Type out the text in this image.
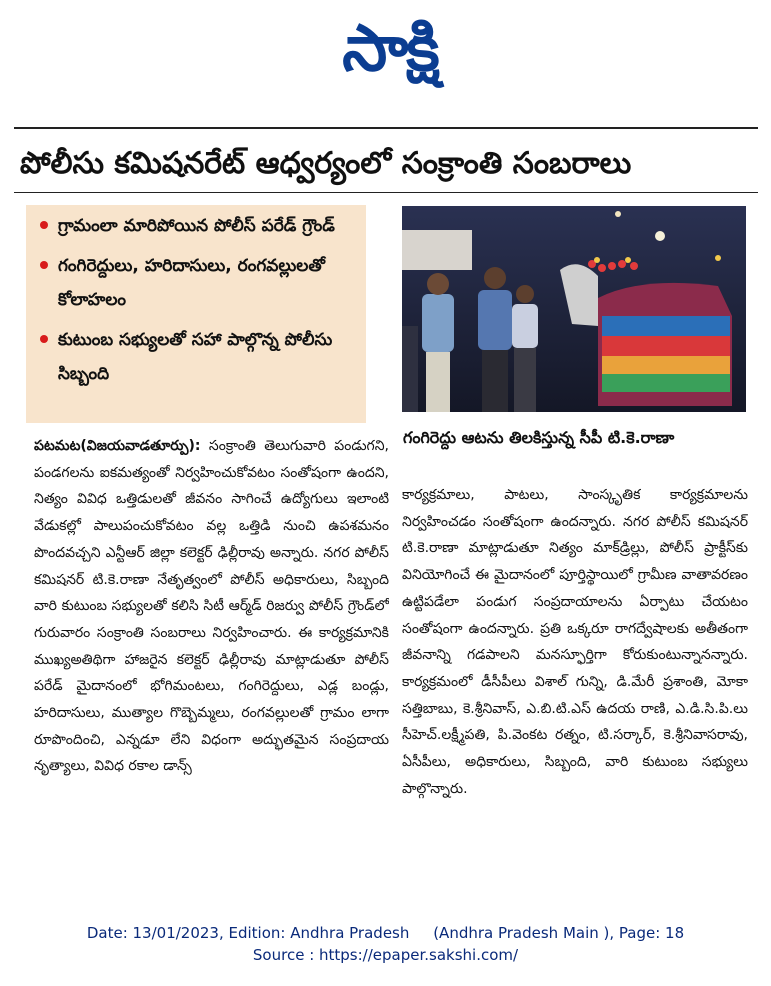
సాక్షి
పోలీసు కమిషనరేట్ ఆధ్వర్యంలో సంక్రాంతి సంబరాలు
గ్రామంలా మారిపోయిన పోలీస్ పరేడ్ గ్రౌండ్
గంగిరెద్దులు, హరిదాసులు, రంగవల్లులతో కోలాహలం
కుటుంబ సభ్యులతో సహా పాల్గొన్న పోలీసు సిబ్బంది
గంగిరెద్దు ఆటను తిలకిస్తున్న సీపీ టి.కె.రాణా
పటమట(విజయవాడతూర్పు): సంక్రాంతి తెలుగువారి పండుగని, పండగలను ఐకమత్యంతో నిర్వహించుకోవటం సంతోషంగా ఉందని, నిత్యం వివిధ ఒత్తిడులతో జీవనం సాగించే ఉద్యోగులు ఇలాంటి వేడుకల్లో పాలుపంచుకోవటం వల్ల ఒత్తిడి నుంచి ఉపశమనం పొందవచ్చని ఎన్టీఆర్ జిల్లా కలెక్టర్ ఢిల్లీరావు అన్నారు. నగర పోలీస్ కమిషనర్ టి.కె.రాణా నేతృత్వంలో పోలీస్ అధికారులు, సిబ్బంది వారి కుటుంబ సభ్యులతో కలిసి సిటీ ఆర్మ్‌డ్ రిజర్వు పోలీస్ గ్రౌండ్‌లో గురువారం సంక్రాంతి సంబరాలు నిర్వహించారు. ఈ కార్యక్రమానికి ముఖ్యఅతిథిగా హాజరైన కలెక్టర్ ఢిల్లీరావు మాట్లాడుతూ పోలీస్ పరేడ్ మైదానంలో భోగిమంటలు, గంగిరెద్దులు, ఎడ్ల బండ్లు, హరిదాసులు, ముత్యాల గొబ్బెమ్మలు, రంగవల్లులతో గ్రామం లాగా రూపొందించి, ఎన్నడూ లేని విధంగా అద్భుతమైన సంప్రదాయ నృత్యాలు, వివిధ రకాల డాన్స్
కార్యక్రమాలు, పాటలు, సాంస్కృతిక కార్యక్రమాలను నిర్వహించడం సంతోషంగా ఉందన్నారు. నగర పోలీస్ కమిషనర్ టి.కె.రాణా మాట్లాడుతూ నిత్యం మాక్‌డ్రిల్లు, పోలీస్ ప్రాక్టీస్‌కు వినియోగించే ఈ మైదానంలో పూర్తిస్థాయిలో గ్రామీణ వాతావరణం ఉట్టిపడేలా పండుగ సంప్రదాయాలను ఏర్పాటు చేయటం సంతోషంగా ఉందన్నారు. ప్రతి ఒక్కరూ రాగద్వేషాలకు అతీతంగా జీవనాన్ని గడపాలని మనస్ఫూర్తిగా కోరుకుంటున్నానన్నారు. కార్యక్రమంలో డీసీపీలు విశాల్ గున్ని, డి.మేరీ ప్రశాంతి, మోకా సత్తిబాబు, కె.శ్రీనివాస్, ఎ.బి.టి.ఎస్ ఉదయ రాణి, ఎ.డి.సి.పి.లు సీహెచ్.లక్ష్మీపతి, పి.వెంకట రత్నం, టి.సర్కార్, కె.శ్రీనివాసరావు, ఏసీపీలు, అధికారులు, సిబ్బంది, వారి కుటుంబ సభ్యులు పాల్గొన్నారు.
Date: 13/01/2023, Edition: Andhra Pradesh     (Andhra Pradesh Main ), Page: 18
Source : https://epaper.sakshi.com/
